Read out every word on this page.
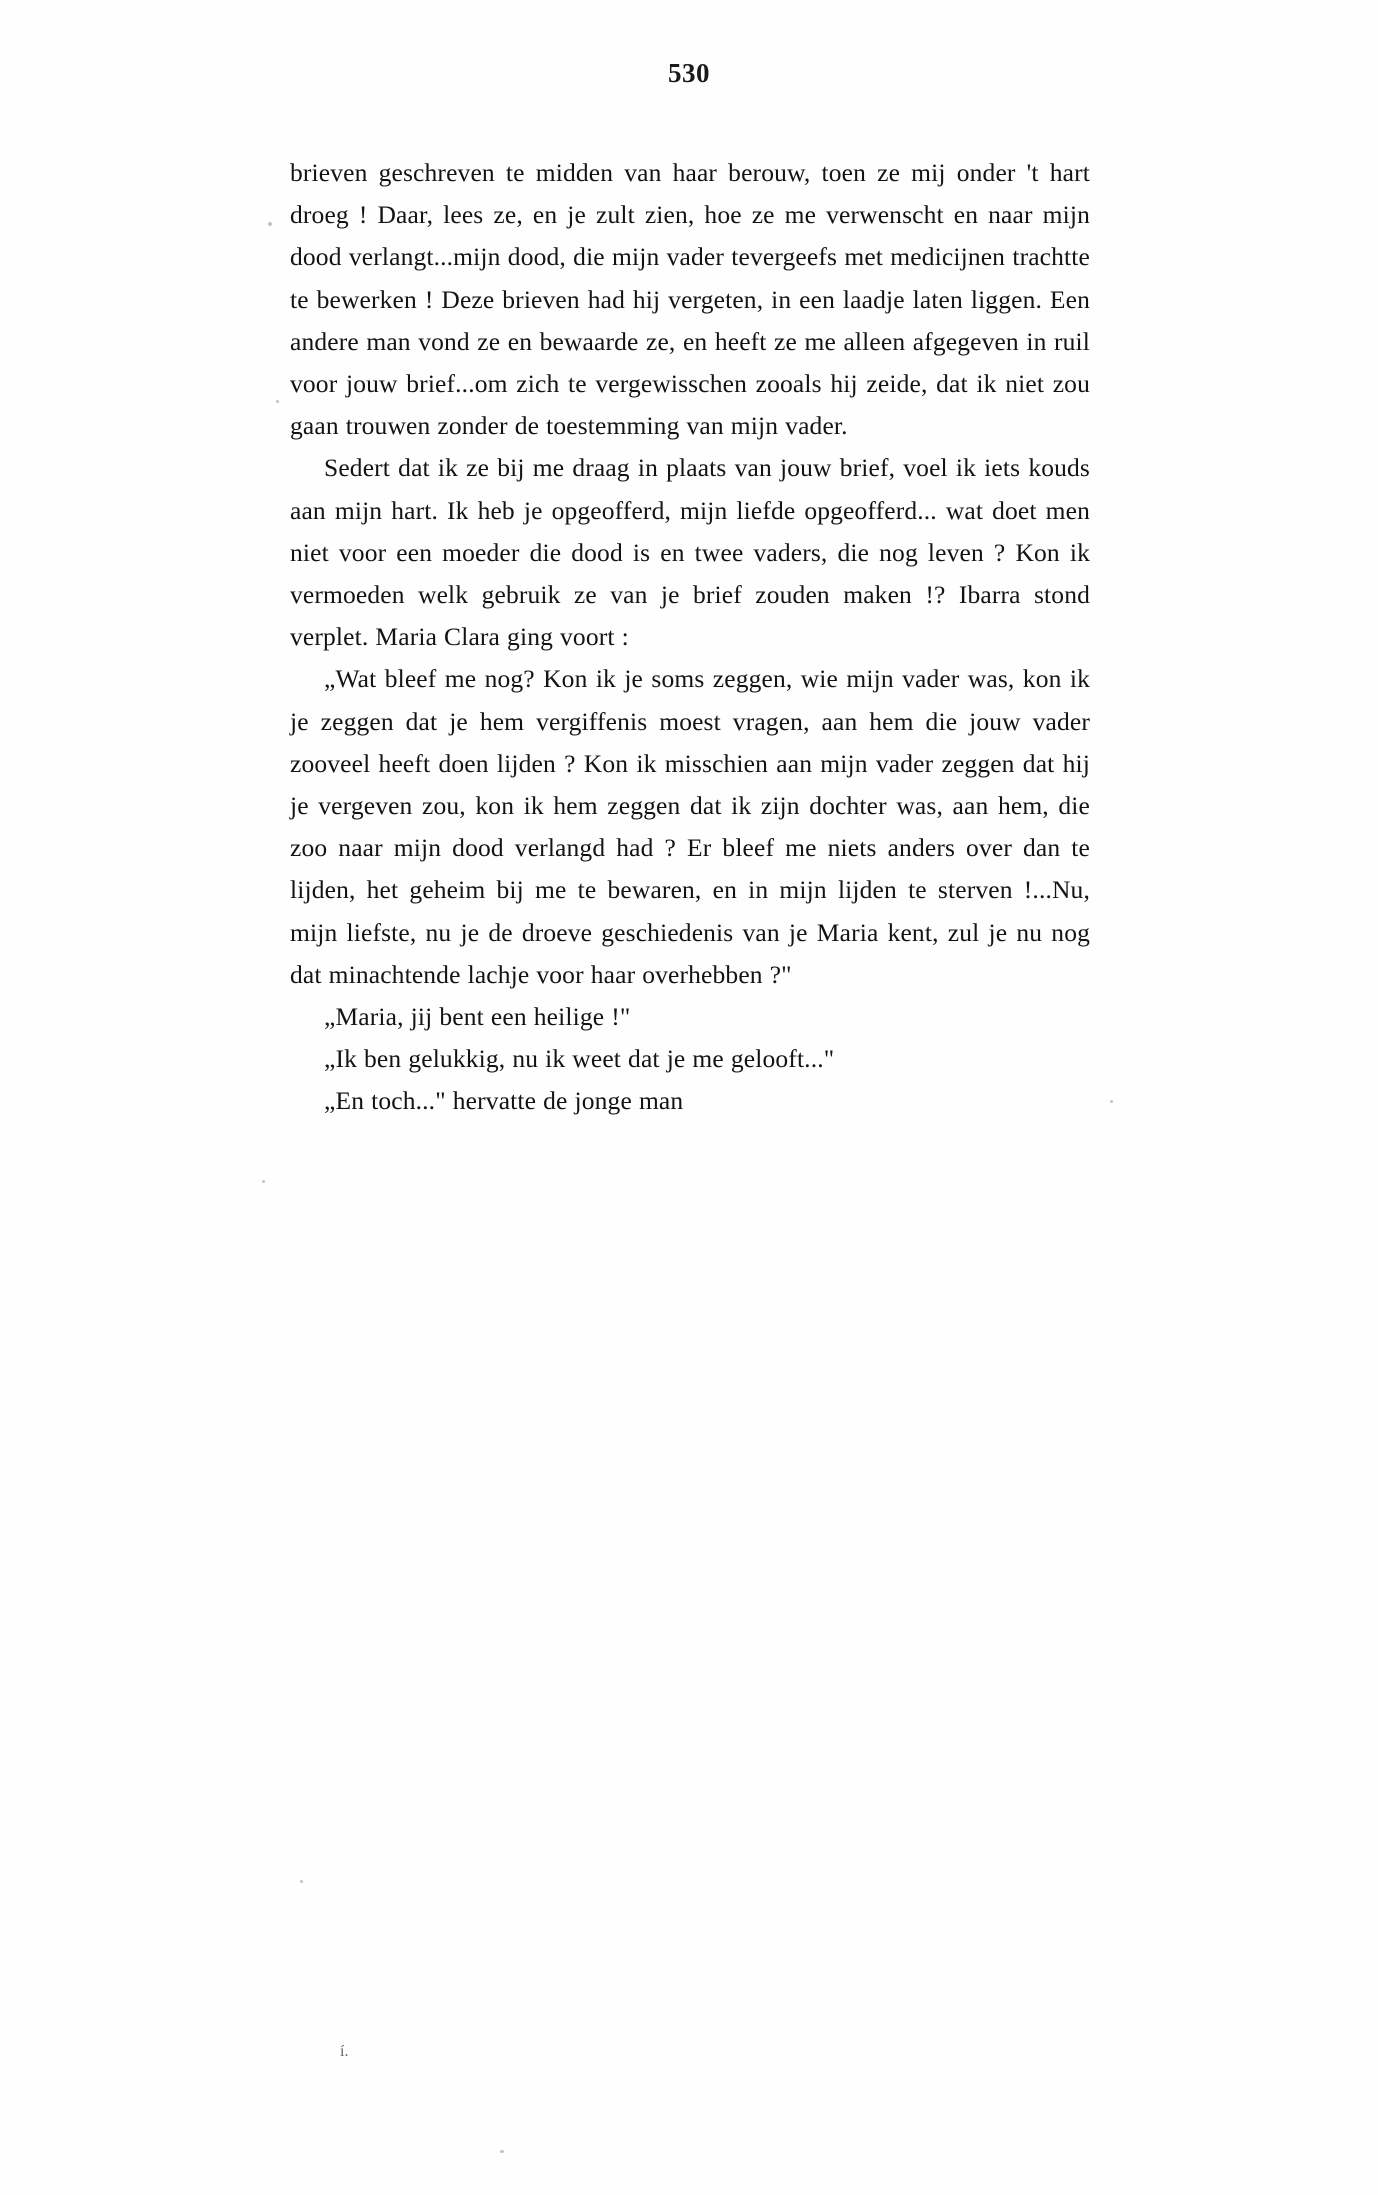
530

brieven geschreven te midden van haar berouw, toen ze mij onder 't hart droeg ! Daar, lees ze, en je zult zien, hoe ze me verwenscht en naar mijn dood verlangt...mijn dood, die mijn vader tevergeefs met medicijnen trachtte te bewerken ! Deze brieven had hij vergeten, in een laadje laten liggen. Een andere man vond ze en bewaarde ze, en heeft ze me alleen afgegeven in ruil voor jouw brief...om zich te vergewisschen zooals hij zeide, dat ik niet zou gaan trouwen zonder de toestemming van mijn vader.

Sedert dat ik ze bij me draag in plaats van jouw brief, voel ik iets kouds aan mijn hart. Ik heb je opgeofferd, mijn liefde opgeofferd... wat doet men niet voor een moeder die dood is en twee vaders, die nog leven ? Kon ik vermoeden welk gebruik ze van je brief zouden maken !? Ibarra stond verplet. Maria Clara ging voort :

„Wat bleef me nog? Kon ik je soms zeggen, wie mijn vader was, kon ik je zeggen dat je hem vergiffenis moest vragen, aan hem die jouw vader zooveel heeft doen lijden ? Kon ik misschien aan mijn vader zeggen dat hij je vergeven zou, kon ik hem zeggen dat ik zijn dochter was, aan hem, die zoo naar mijn dood verlangd had ? Er bleef me niets anders over dan te lijden, het geheim bij me te bewaren, en in mijn lijden te sterven !...Nu, mijn liefste, nu je de droeve geschiedenis van je Maria kent, zul je nu nog dat minachtende lachje voor haar overhebben ?"

„Maria, jij bent een heilige !"

„Ik ben gelukkig, nu ik weet dat je me gelooft..."

„En toch..." hervatte de jonge man

í.
